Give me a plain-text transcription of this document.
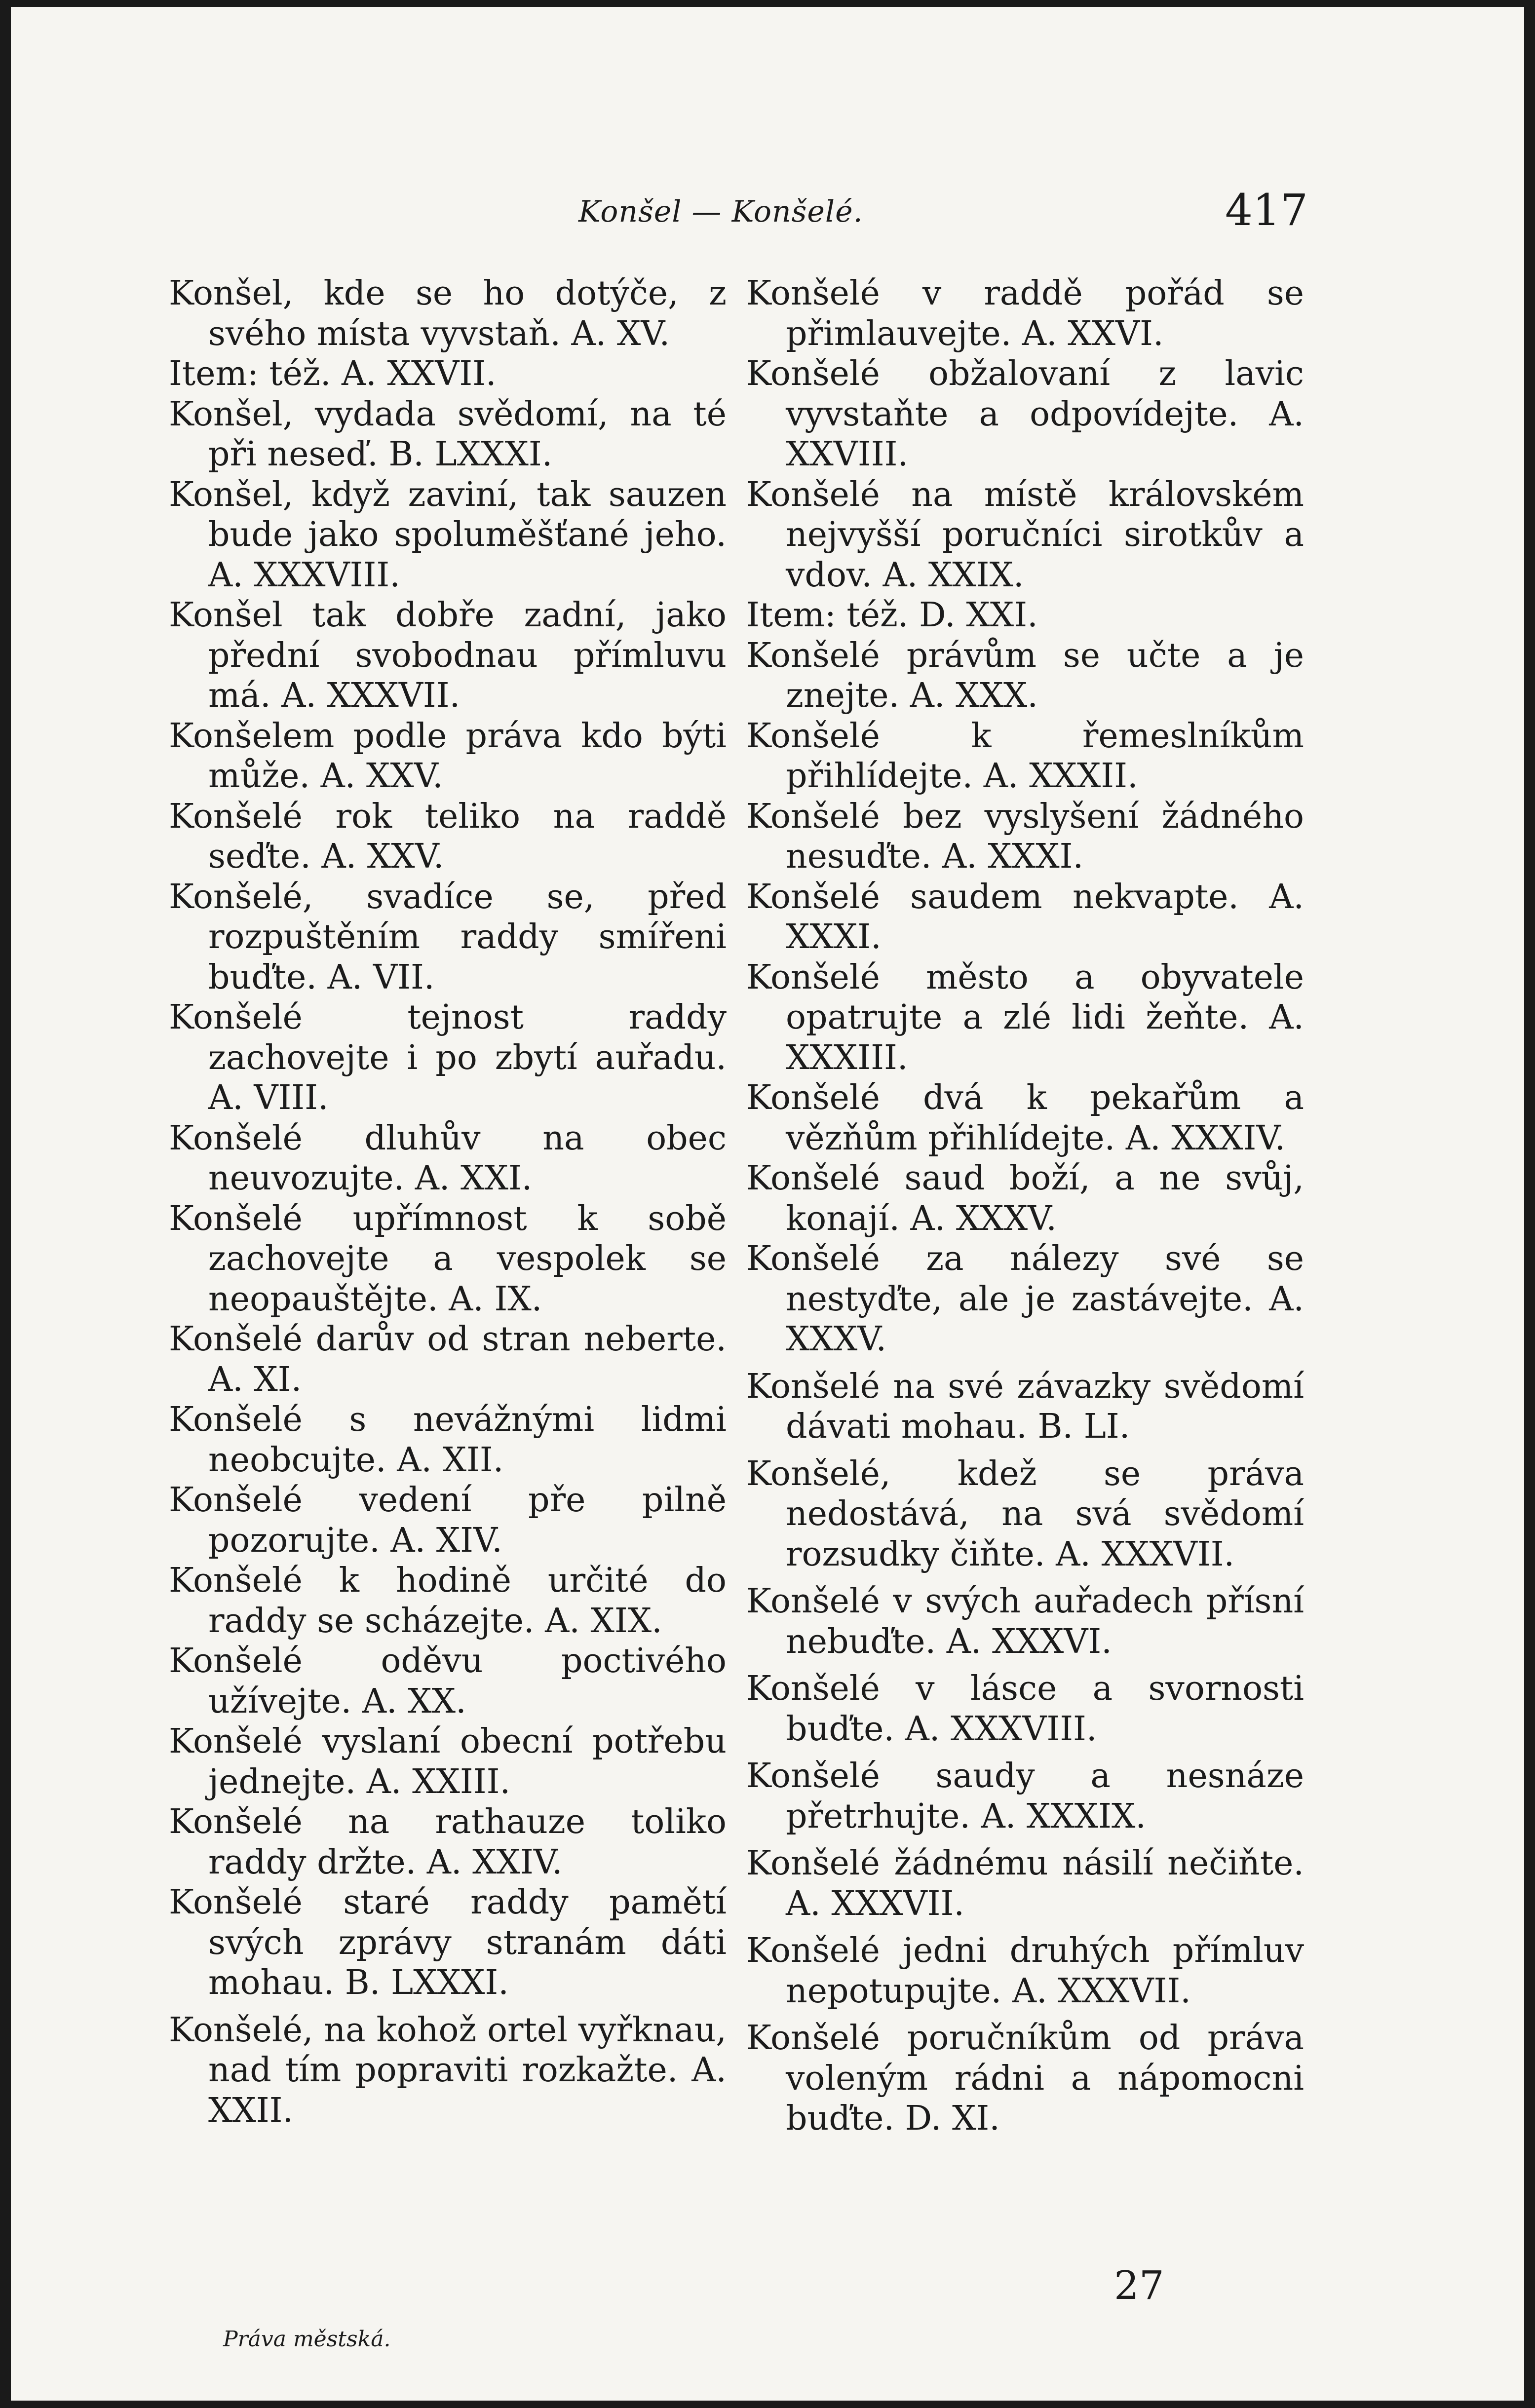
Konšel — Konšelé.	417
Konšel, kde se ho dotýče, z svého místa vyvstaň. A. XV.
Item: též. A. XXVII.
Konšel, vydada svědomí, na té při neseď. B. LXXXI.
Konšel, když zaviní, tak sauzen bude jako spoluměšťané jeho. A. XXXVIII.
Konšel tak dobře zadní, jako přední svobodnau přímluvu má. A. XXXVII.
Konšelem podle práva kdo býti může. A. XXV.
Konšelé rok teliko na raddě seďte. A. XXV.
Konšelé, svadíce se, před rozpuštěním raddy smířeni buďte. A. VII.
Konšelé tejnost raddy zachovejte i po zbytí auřadu. A. VIII.
Konšelé dluhův na obec neuvozujte. A. XXI.
Konšelé upřímnost k sobě zachovejte a vespolek se neopauštějte. A. IX.
Konšelé darův od stran neberte. A. XI.
Konšelé s nevážnými lidmi neobcujte. A. XII.
Konšelé vedení pře pilně pozorujte. A. XIV.
Konšelé k hodině určité do raddy se scházejte. A. XIX.
Konšelé oděvu poctivého užívejte. A. XX.
Konšelé vyslaní obecní potřebu jednejte. A. XXIII.
Konšelé na rathauze toliko raddy držte. A. XXIV.
Konšelé staré raddy pamětí svých zprávy stranám dáti mohau. B. LXXXI.
Konšelé, na kohož ortel vyřknau, nad tím popraviti rozkažte. A. XXII.
Konšelé v raddě pořád se přimlauvejte. A. XXVI.
Konšelé obžalovaní z lavic vyvstaňte a odpovídejte. A. XXVIII.
Konšelé na místě královském nejvyšší poručníci sirotkův a vdov. A. XXIX.
Item: též. D. XXI.
Konšelé právům se učte a je znejte. A. XXX.
Konšelé k řemeslníkům přihlídejte. A. XXXII.
Konšelé bez vyslyšení žádného nesuďte. A. XXXI.
Konšelé saudem nekvapte. A. XXXI.
Konšelé město a obyvatele opatrujte a zlé lidi žeňte. A. XXXIII.
Konšelé dvá k pekařům a vězňům přihlídejte. A. XXXIV.
Konšelé saud boží, a ne svůj, konají. A. XXXV.
Konšelé za nálezy své se nestyďte, ale je zastávejte. A. XXXV.
Konšelé na své závazky svědomí dávati mohau. B. LI.
Konšelé, kdež se práva nedostává, na svá svědomí rozsudky čiňte. A. XXXVII.
Konšelé v svých auřadech přísní nebuďte. A. XXXVI.
Konšelé v lásce a svornosti buďte. A. XXXVIII.
Konšelé saudy a nesnáze přetrhujte. A. XXXIX.
Konšelé žádnému násilí nečiňte. A. XXXVII.
Konšelé jedni druhých přímluv nepotupujte. A. XXXVII.
Konšelé poručníkům od práva voleným rádni a nápomocni buďte. D. XI.
Práva městská.
27
